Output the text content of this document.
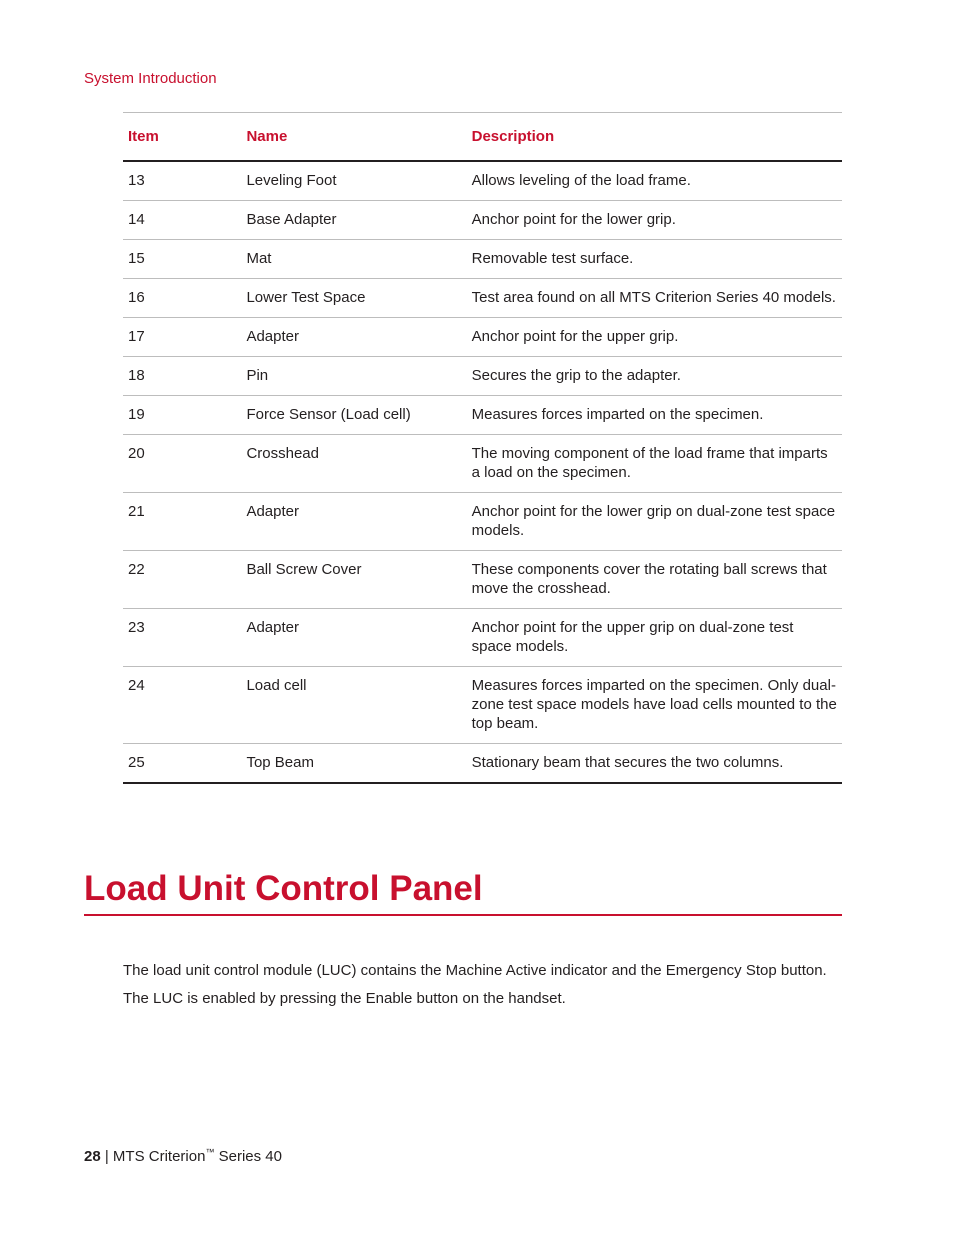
System Introduction
Item	Name	Description
13	Leveling Foot	Allows leveling of the load frame.
14	Base Adapter	Anchor point for the lower grip.
15	Mat	Removable test surface.
16	Lower Test Space	Test area found on all MTS Criterion Series 40 models.
17	Adapter	Anchor point for the upper grip.
18	Pin	Secures the grip to the adapter.
19	Force Sensor (Load cell)	Measures forces imparted on the specimen.
20	Crosshead	The moving component of the load frame that imparts a load on the specimen.
21	Adapter	Anchor point for the lower grip on dual-zone test space models.
22	Ball Screw Cover	These components cover the rotating ball screws that move the crosshead.
23	Adapter	Anchor point for the upper grip on dual-zone test space models.
24	Load cell	Measures forces imparted on the specimen. Only dual-zone test space models have load cells mounted to the top beam.
25	Top Beam	Stationary beam that secures the two columns.
Load Unit Control Panel
The load unit control module (LUC) contains the Machine Active indicator and the Emergency Stop button.
The LUC is enabled by pressing the Enable button on the handset.
28 | MTS Criterion™ Series 40
